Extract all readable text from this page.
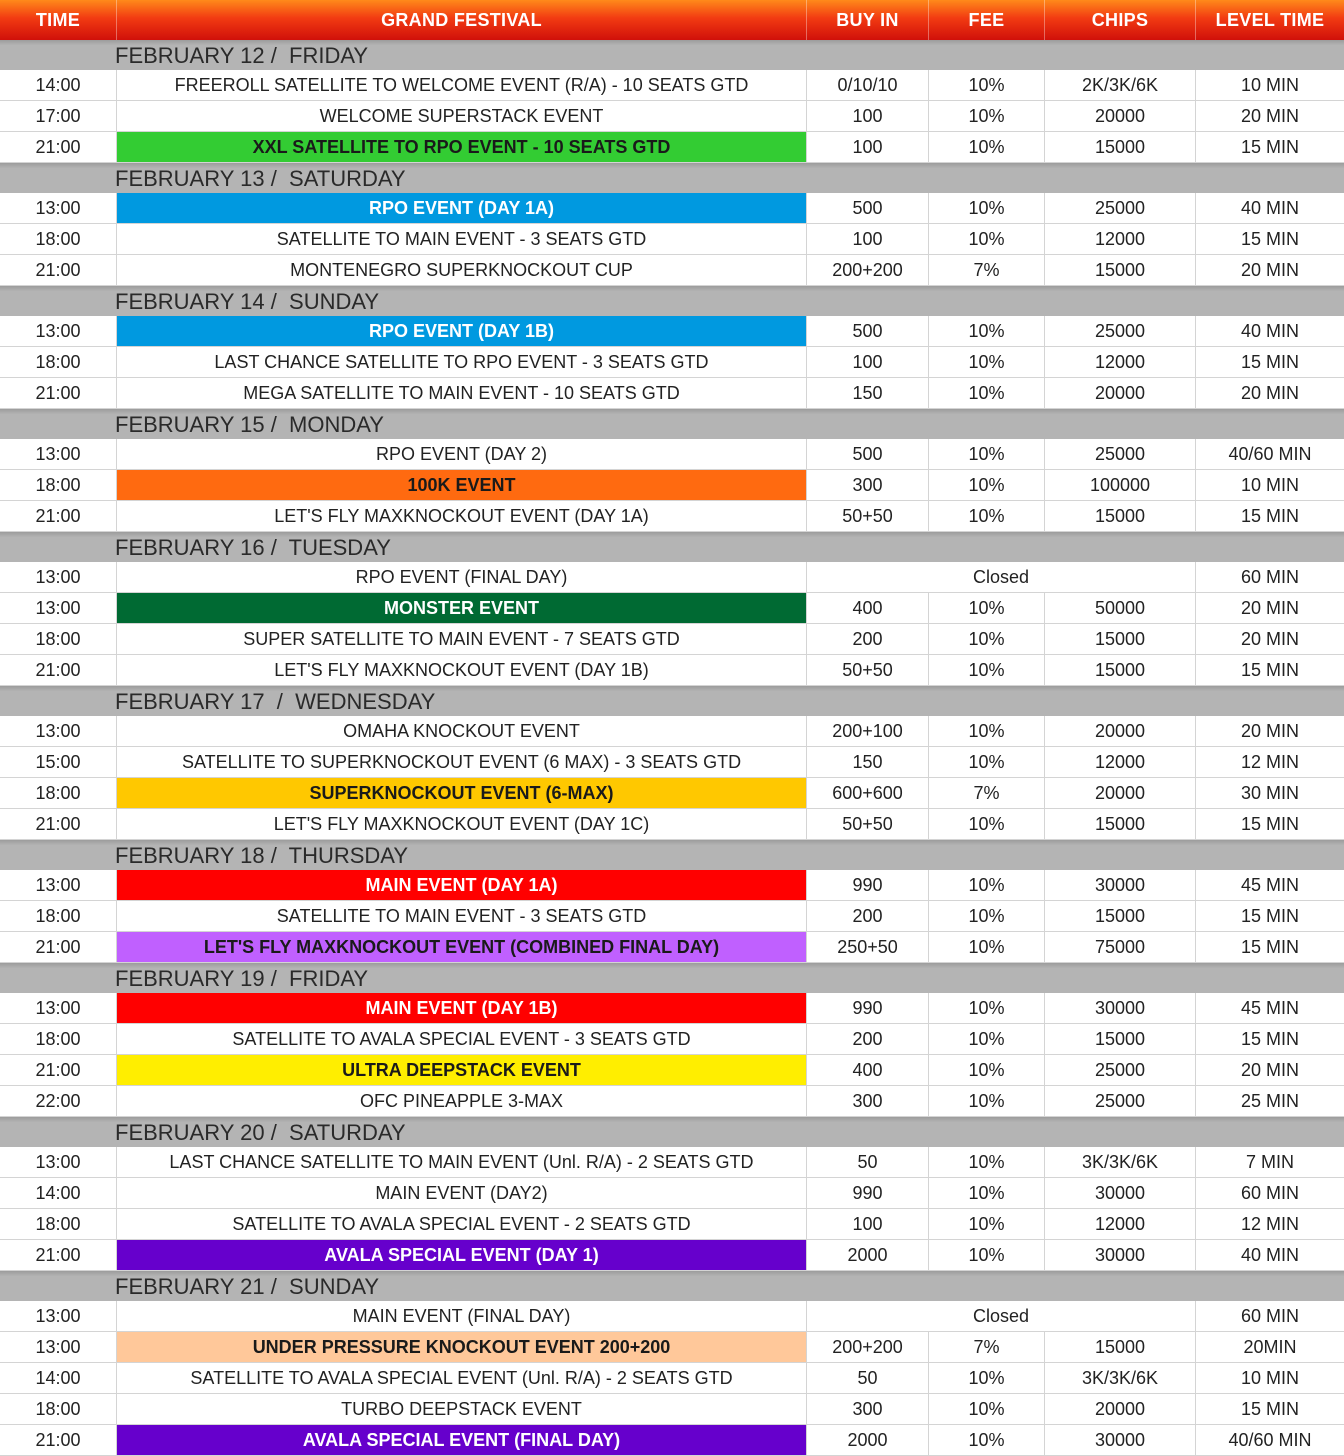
TIME	GRAND FESTIVAL	BUY IN	FEE	CHIPS	LEVEL TIME
FEBRUARY 12 /  FRIDAY
14:00	FREEROLL SATELLITE TO WELCOME EVENT (R/A) - 10 SEATS GTD	0/10/10	10%	2K/3K/6K	10 MIN
17:00	WELCOME SUPERSTACK EVENT	100	10%	20000	20 MIN
21:00	XXL SATELLITE TO RPO EVENT - 10 SEATS GTD	100	10%	15000	15 MIN
FEBRUARY 13 /  SATURDAY
13:00	RPO EVENT (DAY 1A)	500	10%	25000	40 MIN
18:00	SATELLITE TO MAIN EVENT - 3 SEATS GTD	100	10%	12000	15 MIN
21:00	MONTENEGRO SUPERKNOCKOUT CUP	200+200	7%	15000	20 MIN
FEBRUARY 14 /  SUNDAY
13:00	RPO EVENT (DAY 1B)	500	10%	25000	40 MIN
18:00	LAST CHANCE SATELLITE TO RPO EVENT - 3 SEATS GTD	100	10%	12000	15 MIN
21:00	MEGA SATELLITE TO MAIN EVENT - 10 SEATS GTD	150	10%	20000	20 MIN
FEBRUARY 15 /  MONDAY
13:00	RPO EVENT (DAY 2)	500	10%	25000	40/60 MIN
18:00	100K EVENT	300	10%	100000	10 MIN
21:00	LET'S FLY MAXKNOCKOUT EVENT (DAY 1A)	50+50	10%	15000	15 MIN
FEBRUARY 16 /  TUESDAY
13:00	RPO EVENT (FINAL DAY)	Closed	60 MIN
13:00	MONSTER EVENT	400	10%	50000	20 MIN
18:00	SUPER SATELLITE TO MAIN EVENT - 7 SEATS GTD	200	10%	15000	20 MIN
21:00	LET'S FLY MAXKNOCKOUT EVENT (DAY 1B)	50+50	10%	15000	15 MIN
FEBRUARY 17  /  WEDNESDAY
13:00	OMAHA KNOCKOUT EVENT	200+100	10%	20000	20 MIN
15:00	SATELLITE TO SUPERKNOCKOUT EVENT (6 MAX) - 3 SEATS GTD	150	10%	12000	12 MIN
18:00	SUPERKNOCKOUT EVENT (6-MAX)	600+600	7%	20000	30 MIN
21:00	LET'S FLY MAXKNOCKOUT EVENT (DAY 1C)	50+50	10%	15000	15 MIN
FEBRUARY 18 /  THURSDAY
13:00	MAIN EVENT (DAY 1A)	990	10%	30000	45 MIN
18:00	SATELLITE TO MAIN EVENT - 3 SEATS GTD	200	10%	15000	15 MIN
21:00	LET'S FLY MAXKNOCKOUT EVENT (COMBINED FINAL DAY)	250+50	10%	75000	15 MIN
FEBRUARY 19 /  FRIDAY
13:00	MAIN EVENT (DAY 1B)	990	10%	30000	45 MIN
18:00	SATELLITE TO AVALA SPECIAL EVENT - 3 SEATS GTD	200	10%	15000	15 MIN
21:00	ULTRA DEEPSTACK EVENT	400	10%	25000	20 MIN
22:00	OFC PINEAPPLE 3-MAX	300	10%	25000	25 MIN
FEBRUARY 20 /  SATURDAY
13:00	LAST CHANCE SATELLITE TO MAIN EVENT (Unl. R/A) - 2 SEATS GTD	50	10%	3K/3K/6K	7 MIN
14:00	MAIN EVENT (DAY2)	990	10%	30000	60 MIN
18:00	SATELLITE TO AVALA SPECIAL EVENT - 2 SEATS GTD	100	10%	12000	12 MIN
21:00	AVALA SPECIAL EVENT (DAY 1)	2000	10%	30000	40 MIN
FEBRUARY 21 /  SUNDAY
13:00	MAIN EVENT (FINAL DAY)	Closed	60 MIN
13:00	UNDER PRESSURE KNOCKOUT EVENT 200+200	200+200	7%	15000	20MIN
14:00	SATELLITE TO AVALA SPECIAL EVENT (Unl. R/A) - 2 SEATS GTD	50	10%	3K/3K/6K	10 MIN
18:00	TURBO DEEPSTACK EVENT	300	10%	20000	15 MIN
21:00	AVALA SPECIAL EVENT (FINAL DAY)	2000	10%	30000	40/60 MIN
